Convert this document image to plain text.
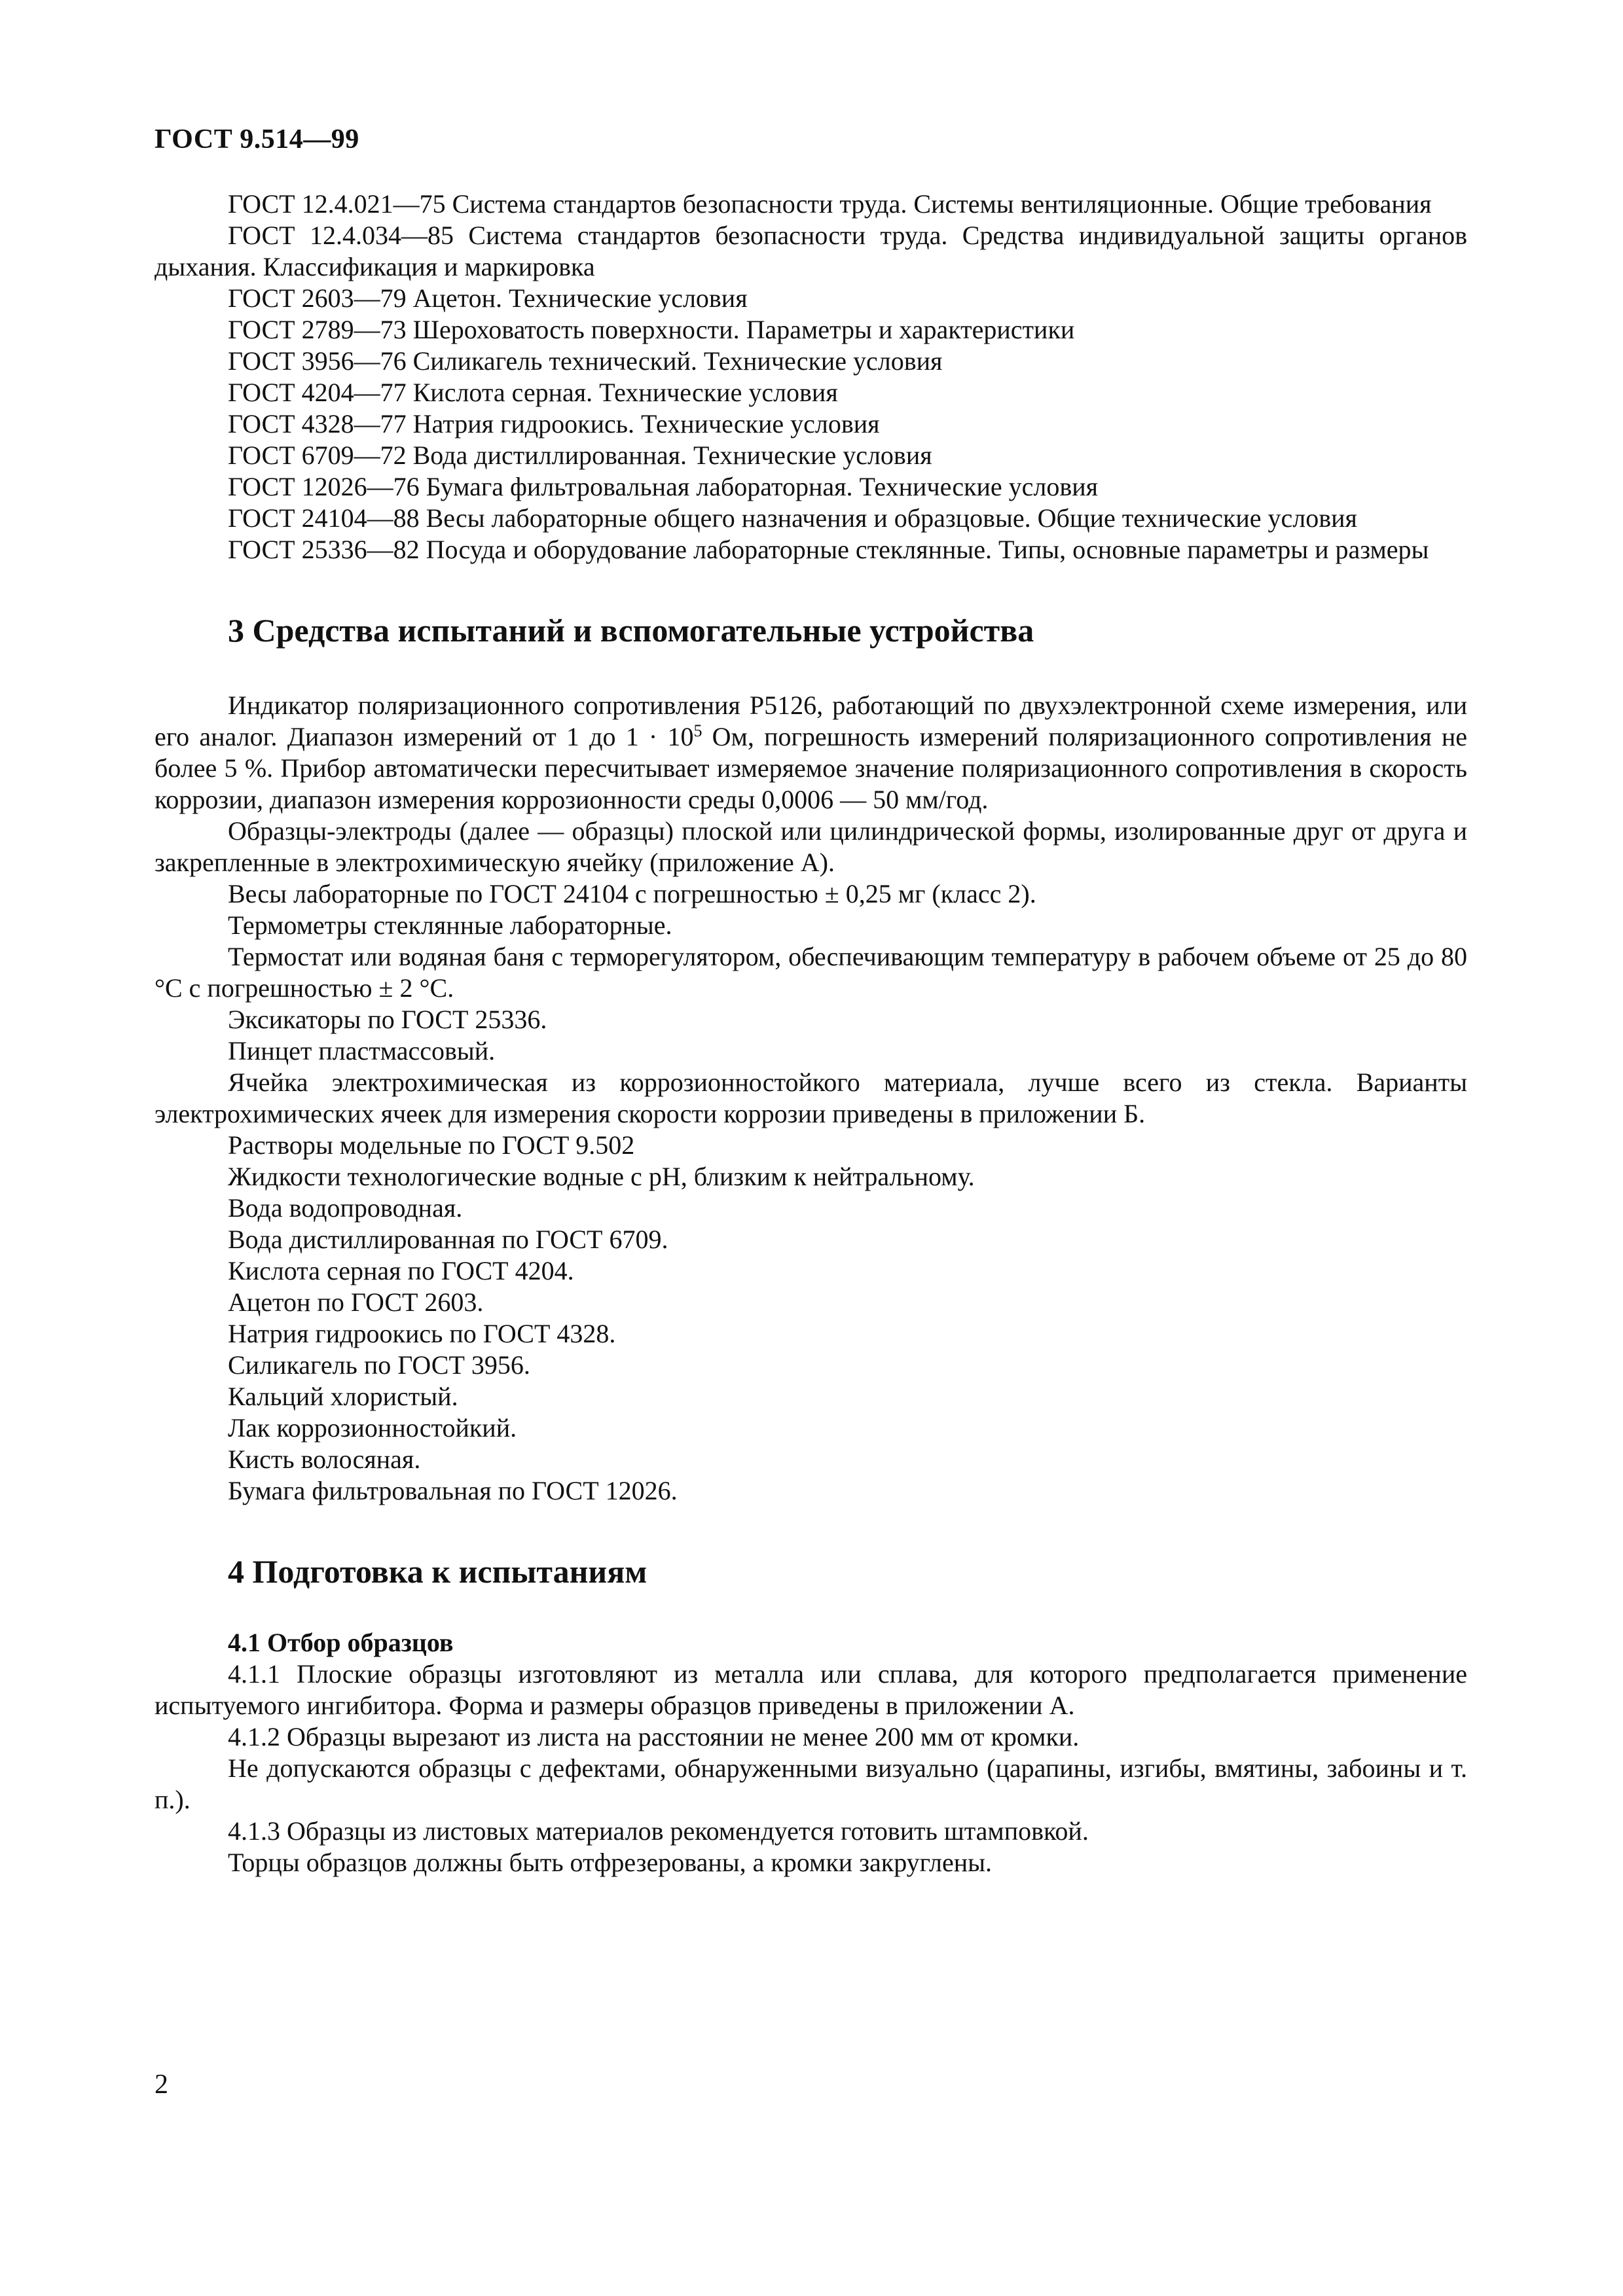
ГОСТ 9.514—99

ГОСТ 12.4.021—75 Система стандартов безопасности труда. Системы вентиляционные. Общие требования

ГОСТ 12.4.034—85 Система стандартов безопасности труда. Средства индивидуальной защиты органов дыхания. Классификация и маркировка

ГОСТ 2603—79 Ацетон. Технические условия

ГОСТ 2789—73 Шероховатость поверхности. Параметры и характеристики

ГОСТ 3956—76 Силикагель технический. Технические условия

ГОСТ 4204—77 Кислота серная. Технические условия

ГОСТ 4328—77 Натрия гидроокись. Технические условия

ГОСТ 6709—72 Вода дистиллированная. Технические условия

ГОСТ 12026—76 Бумага фильтровальная лабораторная. Технические условия

ГОСТ 24104—88 Весы лабораторные общего назначения и образцовые. Общие технические условия

ГОСТ 25336—82 Посуда и оборудование лабораторные стеклянные. Типы, основные параметры и размеры

3 Средства испытаний и вспомогательные устройства

Индикатор поляризационного сопротивления Р5126, работающий по двухэлектронной схеме измерения, или его аналог. Диапазон измерений от 1 до $1 \cdot 10^5$ Ом, погрешность измерений поляризационного сопротивления не более 5 %. Прибор автоматически пересчитывает измеряемое значение поляризационного сопротивления в скорость коррозии, диапазон измерения коррозионности среды 0,0006 — 50 мм/год.

Образцы-электроды (далее — образцы) плоской или цилиндрической формы, изолированные друг от друга и закрепленные в электрохимическую ячейку (приложение А).

Весы лабораторные по ГОСТ 24104 с погрешностью ± 0,25 мг (класс 2).

Термометры стеклянные лабораторные.

Термостат или водяная баня с терморегулятором, обеспечивающим температуру в рабочем объеме от 25 до 80 °С с погрешностью ± 2 °С.

Эксикаторы по ГОСТ 25336.

Пинцет пластмассовый.

Ячейка электрохимическая из коррозионностойкого материала, лучше всего из стекла. Варианты электрохимических ячеек для измерения скорости коррозии приведены в приложении Б.

Растворы модельные по ГОСТ 9.502

Жидкости технологические водные с рН, близким к нейтральному.

Вода водопроводная.

Вода дистиллированная по ГОСТ 6709.

Кислота серная по ГОСТ 4204.

Ацетон по ГОСТ 2603.

Натрия гидроокись по ГОСТ 4328.

Силикагель по ГОСТ 3956.

Кальций хлористый.

Лак коррозионностойкий.

Кисть волосяная.

Бумага фильтровальная по ГОСТ 12026.

4 Подготовка к испытаниям
4.1 Отбор образцов

4.1.1 Плоские образцы изготовляют из металла или сплава, для которого предполагается применение испытуемого ингибитора. Форма и размеры образцов приведены в приложении А.

4.1.2 Образцы вырезают из листа на расстоянии не менее 200 мм от кромки.

Не допускаются образцы с дефектами, обнаруженными визуально (царапины, изгибы, вмятины, забоины и т. п.).

4.1.3 Образцы из листовых материалов рекомендуется готовить штамповкой.

Торцы образцов должны быть отфрезерованы, а кромки закруглены.

2
